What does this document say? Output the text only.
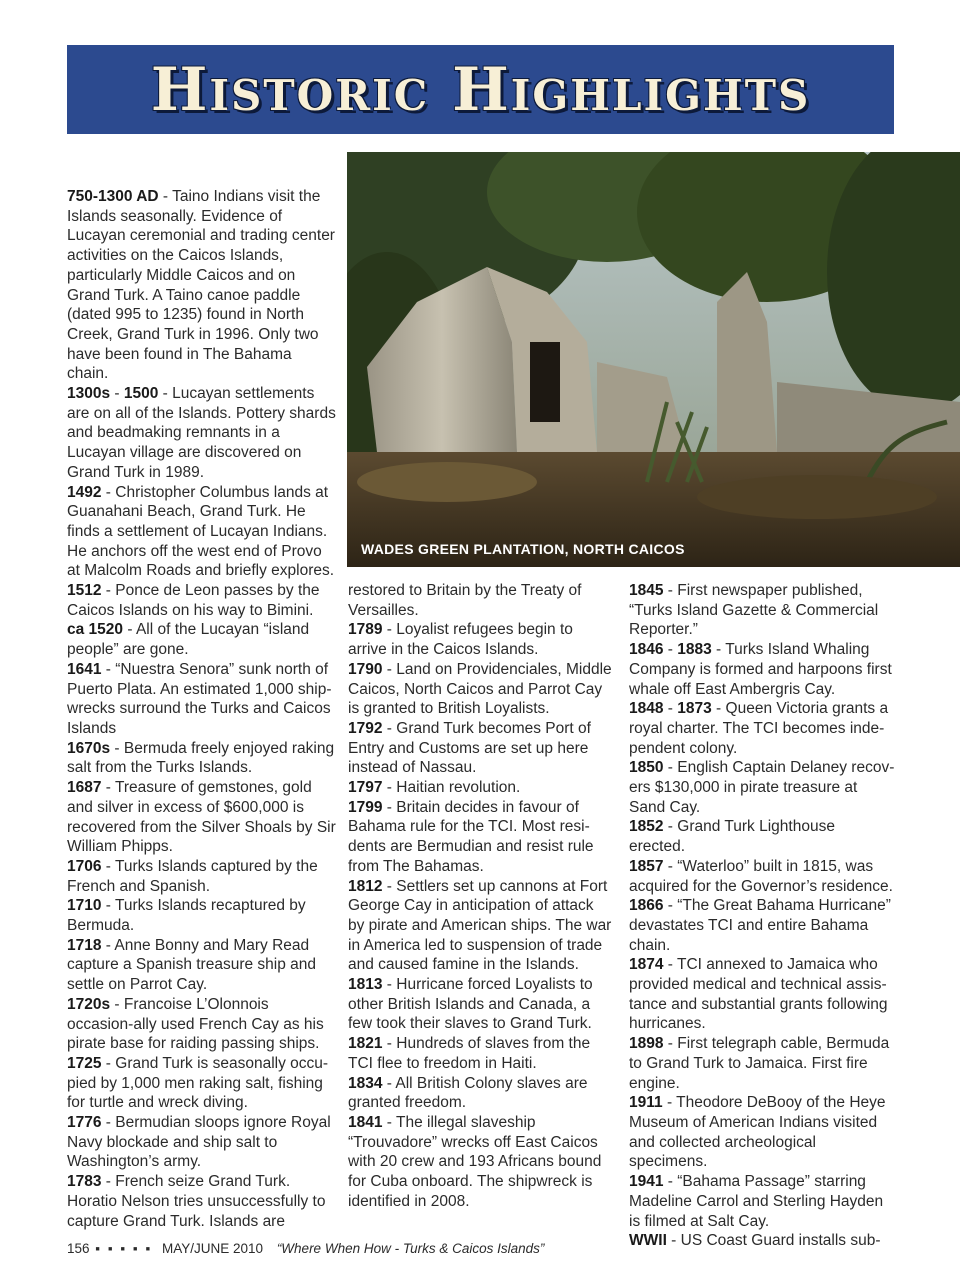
Historic Highlights
WADES GREEN PLANTATION, NORTH CAICOS

750-1300 AD - Taino Indians visit the Islands seasonally. Evidence of Lucayan ceremonial and trading center activities on the Caicos Islands, particularly Middle Caicos and on Grand Turk. A Taino canoe paddle (dated 995 to 1235) found in North Creek, Grand Turk in 1996. Only two have been found in The Bahama chain.

1300s - 1500 - Lucayan settlements are on all of the Islands. Pottery shards and beadmaking remnants in a Lucayan village are discovered on Grand Turk in 1989.

1492 - Christopher Columbus lands at Guanahani Beach, Grand Turk. He finds a settlement of Lucayan Indians. He anchors off the west end of Provo at Malcolm Roads and briefly explores.

1512 - Ponce de Leon passes by the Caicos Islands on his way to Bimini.

ca 1520 - All of the Lucayan “island people” are gone.

1641 - “Nuestra Senora” sunk north of Puerto Plata. An estimated 1,000 ship-wrecks surround the Turks and Caicos Islands

1670s - Bermuda freely enjoyed raking salt from the Turks Islands.

1687 - Treasure of gemstones, gold and silver in excess of $600,000 is recovered from the Silver Shoals by Sir William Phipps.

1706 - Turks Islands captured by the French and Spanish.

1710 - Turks Islands recaptured by Bermuda.

1718 - Anne Bonny and Mary Read capture a Spanish treasure ship and settle on Parrot Cay.

1720s - Francoise L’Olonnois occasion-ally used French Cay as his pirate base for raiding passing ships.

1725 - Grand Turk is seasonally occu-pied by 1,000 men raking salt, fishing for turtle and wreck diving.

1776 - Bermudian sloops ignore Royal Navy blockade and ship salt to Washington’s army.

1783 - French seize Grand Turk. Horatio Nelson tries unsuccessfully to capture Grand Turk. Islands are

restored to Britain by the Treaty of Versailles.

1789 - Loyalist refugees begin to arrive in the Caicos Islands.

1790 - Land on Providenciales, Middle Caicos, North Caicos and Parrot Cay is granted to British Loyalists.

1792 - Grand Turk becomes Port of Entry and Customs are set up here instead of Nassau.

1797 - Haitian revolution.

1799 - Britain decides in favour of Bahama rule for the TCI. Most resi-dents are Bermudian and resist rule from The Bahamas.

1812 - Settlers set up cannons at Fort George Cay in anticipation of attack by pirate and American ships. The war in America led to suspension of trade and caused famine in the Islands.

1813 - Hurricane forced Loyalists to other British Islands and Canada, a few took their slaves to Grand Turk.

1821 - Hundreds of slaves from the TCI flee to freedom in Haiti.

1834 - All British Colony slaves are granted freedom.

1841 - The illegal slaveship “Trouvadore” wrecks off East Caicos with 20 crew and 193 Africans bound for Cuba onboard. The shipwreck is identified in 2008.

1845 - First newspaper published, “Turks Island Gazette & Commercial Reporter.”

1846 - 1883 - Turks Island Whaling Company is formed and harpoons first whale off East Ambergris Cay.

1848 - 1873 - Queen Victoria grants a royal charter. The TCI becomes inde-pendent colony.

1850 - English Captain Delaney recov-ers $130,000 in pirate treasure at Sand Cay.

1852 - Grand Turk Lighthouse erected.

1857 - “Waterloo” built in 1815, was acquired for the Governor’s residence.

1866 - “The Great Bahama Hurricane” devastates TCI and entire Bahama chain.

1874 - TCI annexed to Jamaica who provided medical and technical assis-tance and substantial grants following hurricanes.

1898 - First telegraph cable, Bermuda to Grand Turk to Jamaica. First fire engine.

1911 - Theodore DeBooy of the Heye Museum of American Indians visited and collected archeological specimens.

1941 - “Bahama Passage” starring Madeline Carrol and Sterling Hayden is filmed at Salt Cay.

WWII - US Coast Guard installs sub-

156 ▪ ▪ ▪ ▪ ▪ MAY/JUNE 2010 “Where When How - Turks & Caicos Islands”
